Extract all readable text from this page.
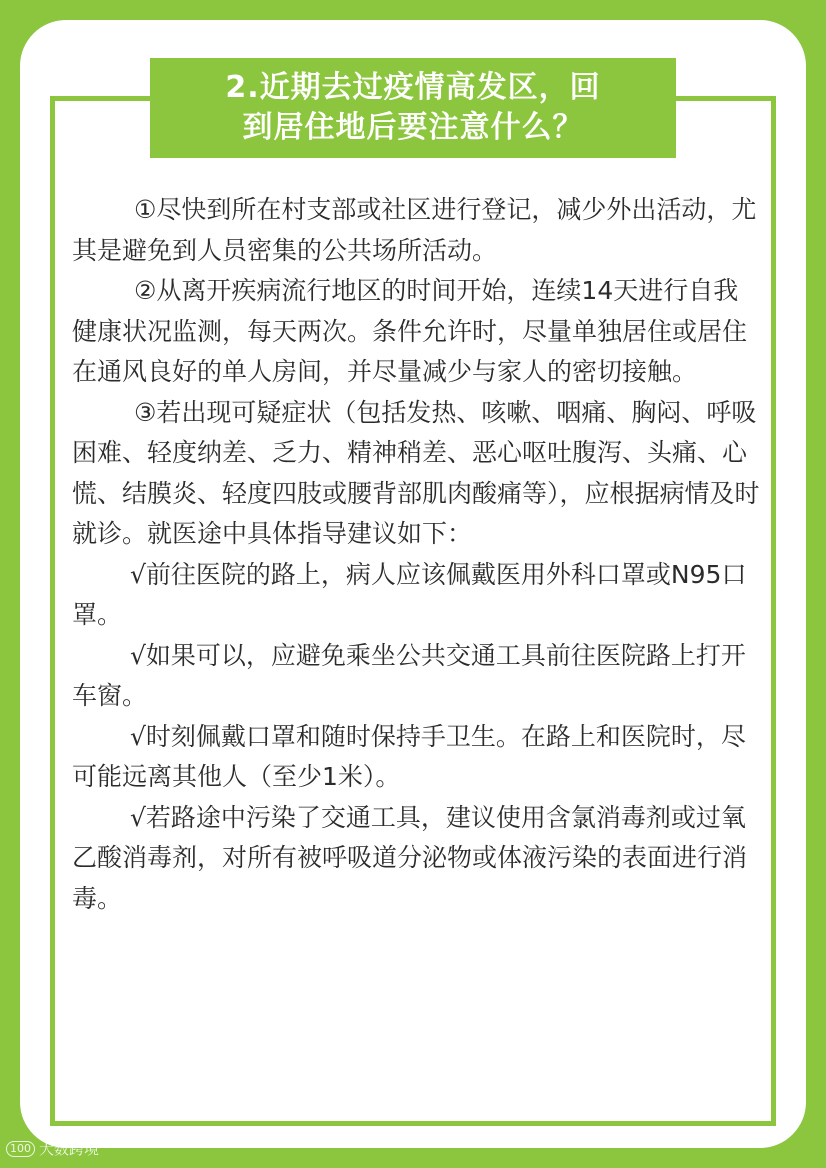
2.近期去过疫情高发区，回
到居住地后要注意什么？

①尽快到所在村支部或社区进行登记，减少外出活动，尤其是避免到人员密集的公共场所活动。

②从离开疾病流行地区的时间开始，连续14天进行自我健康状况监测，每天两次。条件允许时，尽量单独居住或居住在通风良好的单人房间，并尽量减少与家人的密切接触。

③若出现可疑症状（包括发热、咳嗽、咽痛、胸闷、呼吸困难、轻度纳差、乏力、精神稍差、恶心呕吐腹泻、头痛、心慌、结膜炎、轻度四肢或腰背部肌肉酸痛等），应根据病情及时就诊。就医途中具体指导建议如下：

√前往医院的路上，病人应该佩戴医用外科口罩或N95口罩。

√如果可以，应避免乘坐公共交通工具前往医院路上打开车窗。

√时刻佩戴口罩和随时保持手卫生。在路上和医院时，尽可能远离其他人（至少1米）。

√若路途中污染了交通工具，建议使用含氯消毒剂或过氧乙酸消毒剂，对所有被呼吸道分泌物或体液污染的表面进行消毒。

100 大数跨境
